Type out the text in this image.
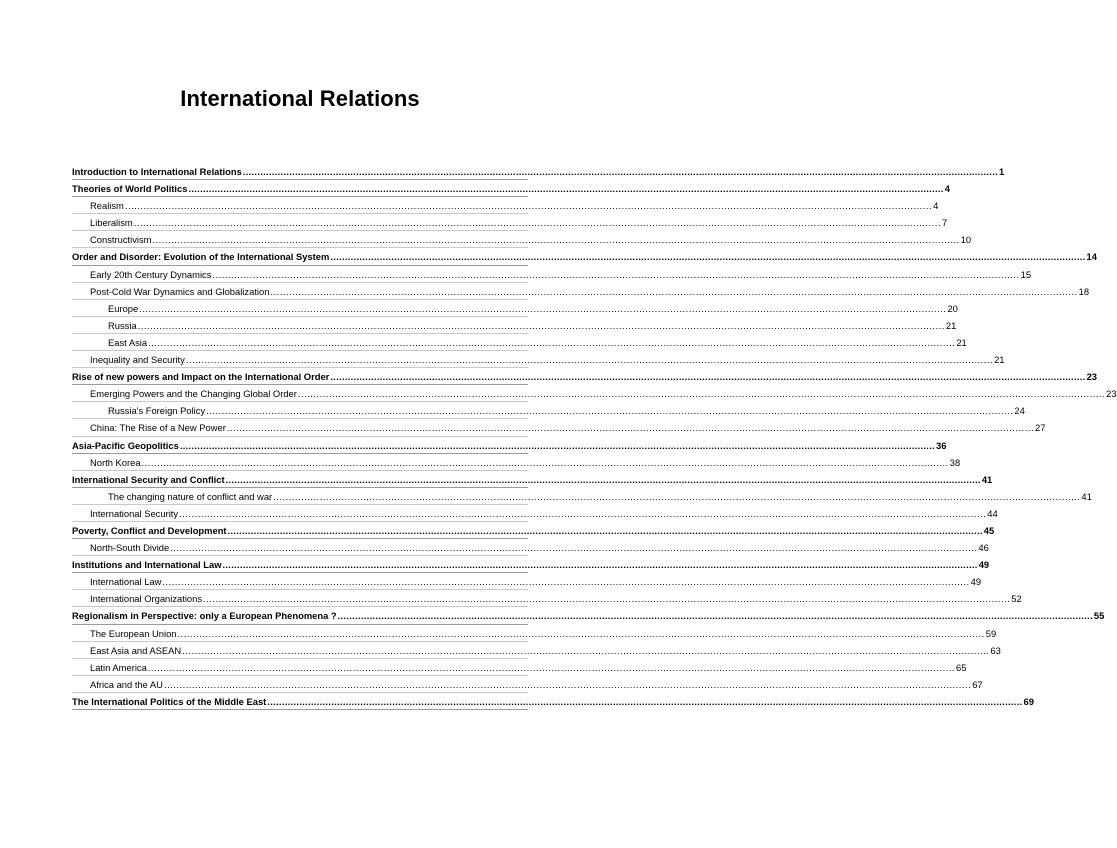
International Relations
Introduction to International Relations .................................................................................................................................................................................................................................................................... 1
Theories of World Politics .................................................................................................................................................................................................................................................................... 4
Realism .................................................................................................................................................................................................................................................................... 4
Liberalism .................................................................................................................................................................................................................................................................... 7
Constructivism .................................................................................................................................................................................................................................................................... 10
Order and Disorder: Evolution of the International System .................................................................................................................................................................................................................................................................... 14
Early 20th Century Dynamics .................................................................................................................................................................................................................................................................... 15
Post-Cold War Dynamics and Globalization .................................................................................................................................................................................................................................................................... 18
Europe .................................................................................................................................................................................................................................................................... 20
Russia .................................................................................................................................................................................................................................................................... 21
East Asia .................................................................................................................................................................................................................................................................... 21
Inequality and Security .................................................................................................................................................................................................................................................................... 21
Rise of new powers and Impact on the International Order .................................................................................................................................................................................................................................................................... 23
Emerging Powers and the Changing Global Order .................................................................................................................................................................................................................................................................... 23
Russia's Foreign Policy .................................................................................................................................................................................................................................................................... 24
China: The Rise of a New Power .................................................................................................................................................................................................................................................................... 27
Asia-Pacific Geopolitics .................................................................................................................................................................................................................................................................... 36
North Korea .................................................................................................................................................................................................................................................................... 38
International Security and Conflict .................................................................................................................................................................................................................................................................... 41
The changing nature of conflict and war .................................................................................................................................................................................................................................................................... 41
International Security .................................................................................................................................................................................................................................................................... 44
Poverty, Conflict and Development .................................................................................................................................................................................................................................................................... 45
North-South Divide .................................................................................................................................................................................................................................................................... 46
Institutions and International Law .................................................................................................................................................................................................................................................................... 49
International Law .................................................................................................................................................................................................................................................................... 49
International Organizations .................................................................................................................................................................................................................................................................... 52
Regionalism in Perspective: only a European Phenomena ? .................................................................................................................................................................................................................................................................... 55
The European Union .................................................................................................................................................................................................................................................................... 59
East Asia and ASEAN .................................................................................................................................................................................................................................................................... 63
Latin America .................................................................................................................................................................................................................................................................... 65
Africa and the AU .................................................................................................................................................................................................................................................................... 67
The International Politics of the Middle East .................................................................................................................................................................................................................................................................... 69
